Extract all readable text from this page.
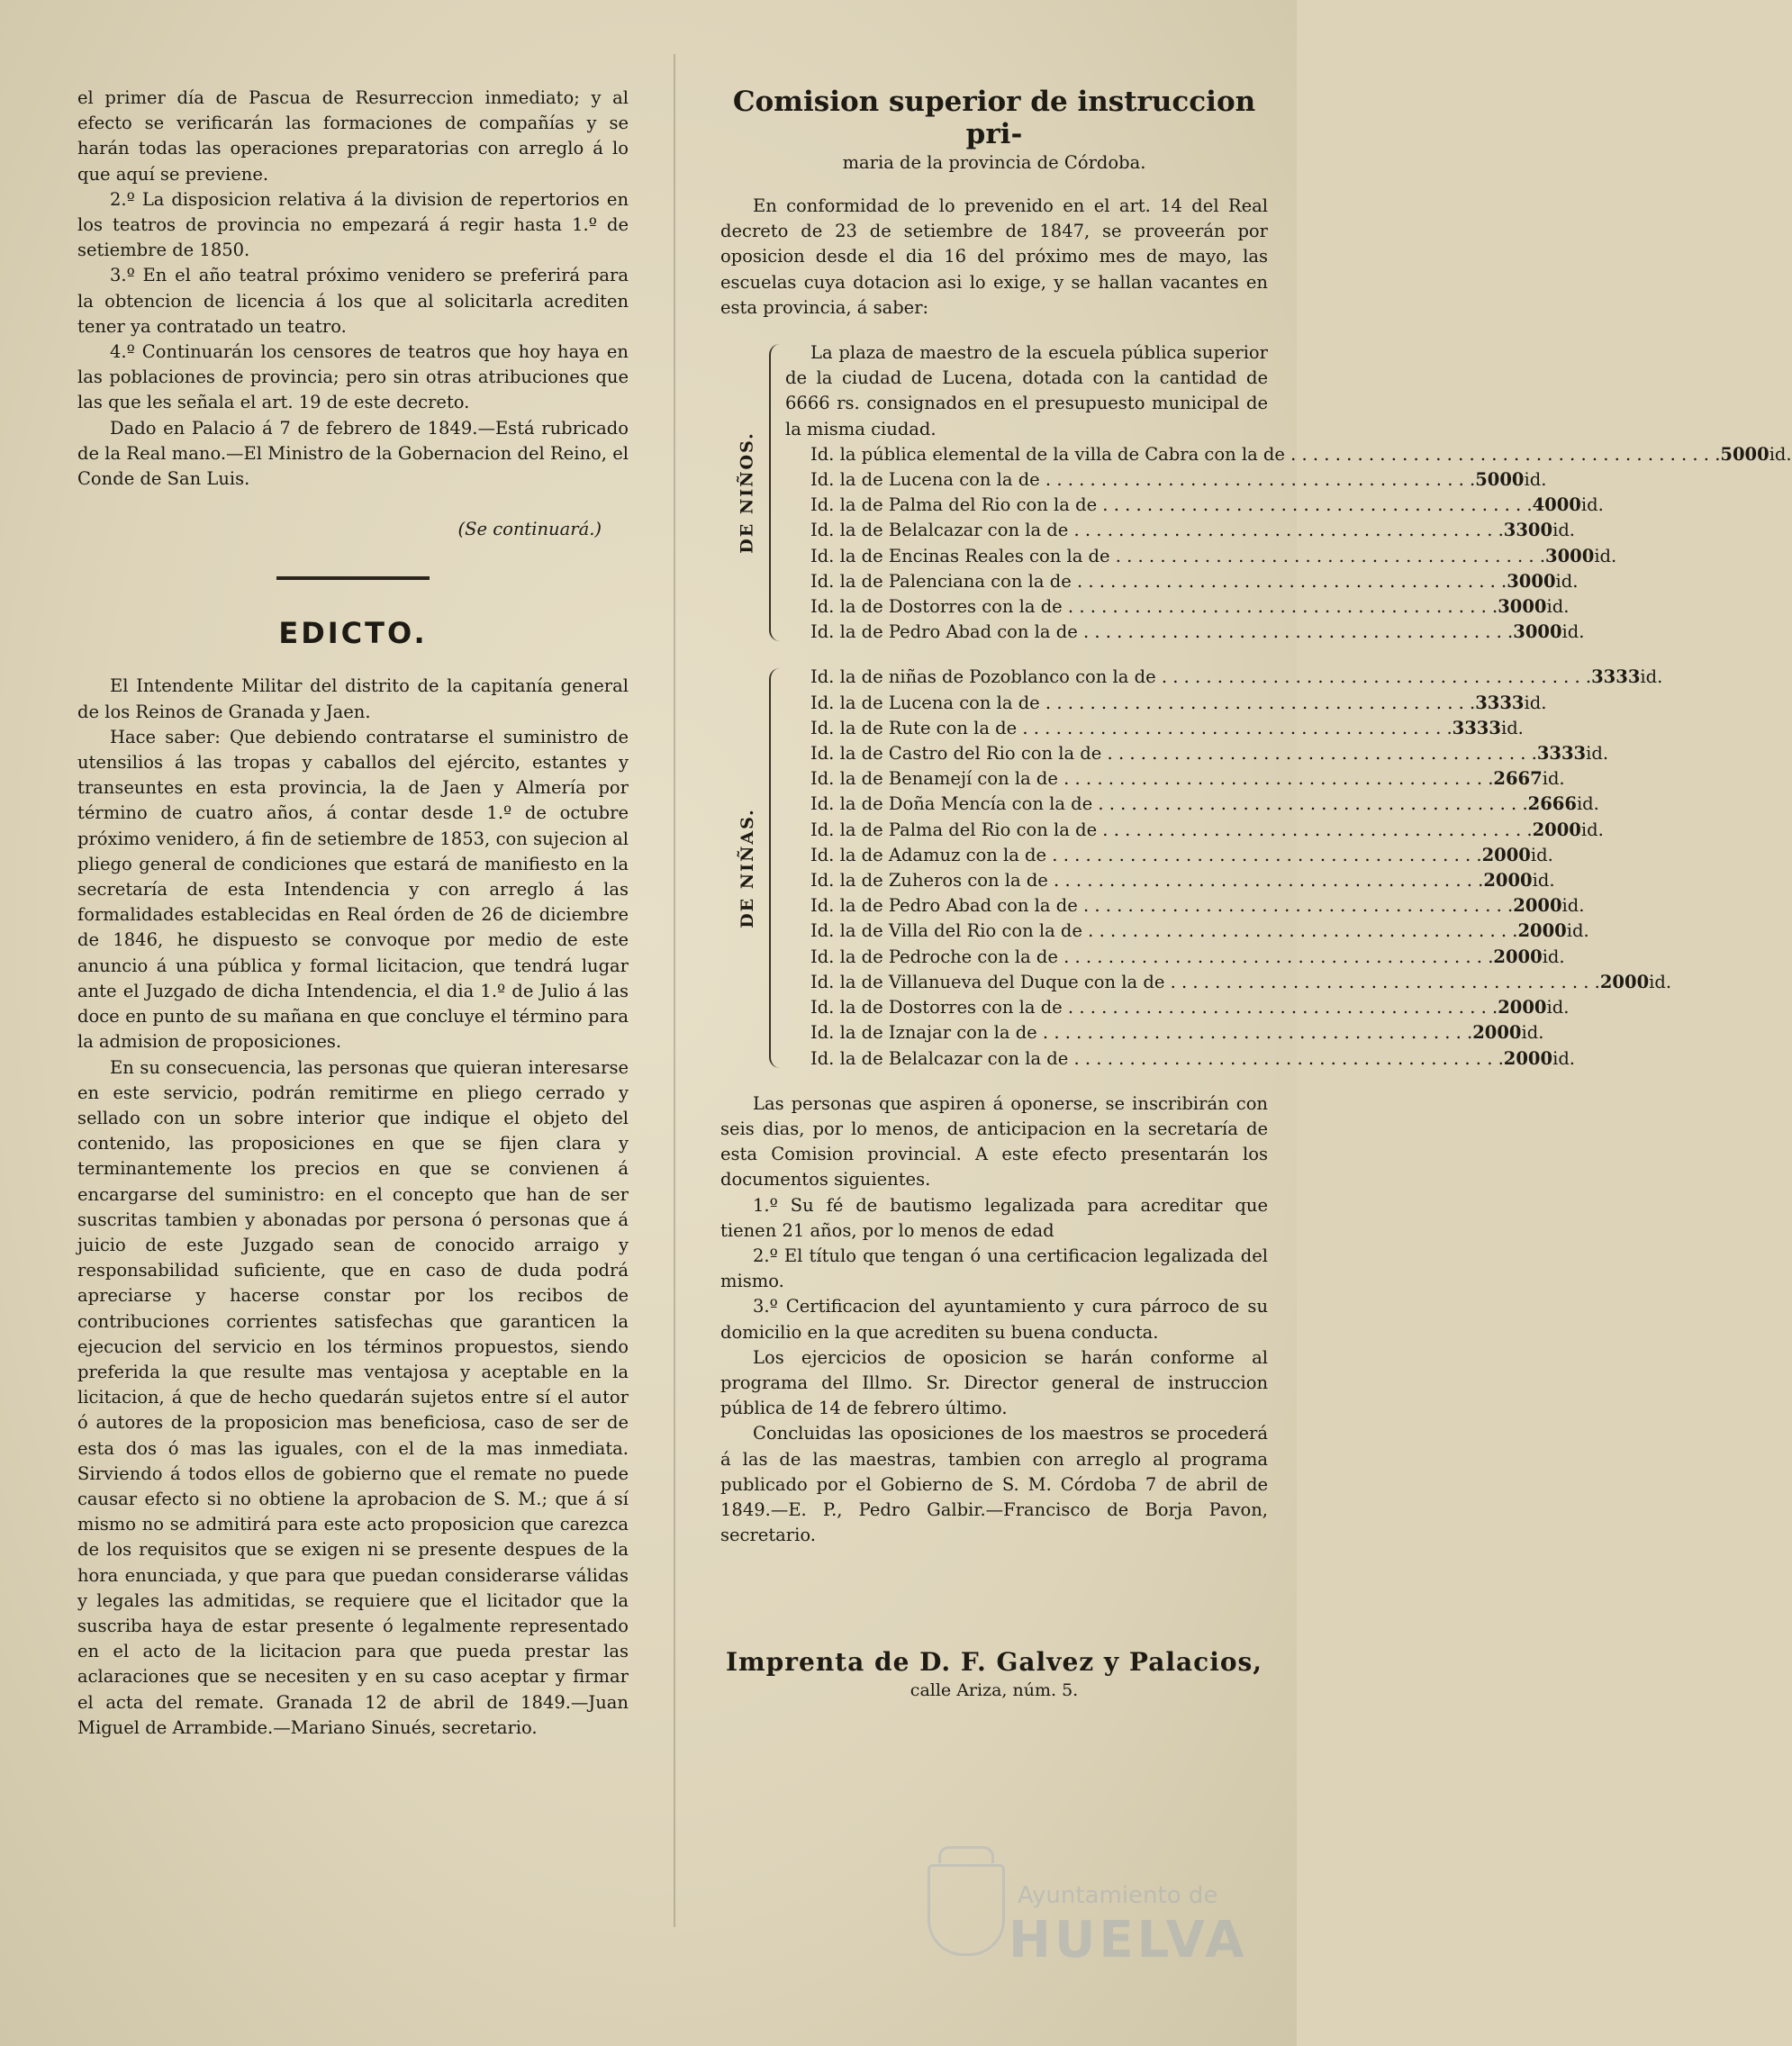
el primer día de Pascua de Resurreccion inmediato; y al efecto se verificarán las formaciones de compañías y se harán todas las operaciones preparatorias con arreglo á lo que aquí se previene.

2.º La disposicion relativa á la division de repertorios en los teatros de provincia no empezará á regir hasta 1.º de setiembre de 1850.

3.º En el año teatral próximo venidero se preferirá para la obtencion de licencia á los que al solicitarla acrediten tener ya contratado un teatro.

4.º Continuarán los censores de teatros que hoy haya en las poblaciones de provincia; pero sin otras atribuciones que las que les señala el art. 19 de este decreto.

Dado en Palacio á 7 de febrero de 1849.—Está rubricado de la Real mano.—El Ministro de la Gobernacion del Reino, el Conde de San Luis.

(Se continuará.)

EDICTO.

El Intendente Militar del distrito de la capitanía general de los Reinos de Granada y Jaen.

Hace saber: Que debiendo contratarse el suministro de utensilios á las tropas y caballos del ejército, estantes y transeuntes en esta provincia, la de Jaen y Almería por término de cuatro años, á contar desde 1.º de octubre próximo venidero, á fin de setiembre de 1853, con sujecion al pliego general de condiciones que estará de manifiesto en la secretaría de esta Intendencia y con arreglo á las formalidades establecidas en Real órden de 26 de diciembre de 1846, he dispuesto se convoque por medio de este anuncio á una pública y formal licitacion, que tendrá lugar ante el Juzgado de dicha Intendencia, el dia 1.º de Julio á las doce en punto de su mañana en que concluye el término para la admision de proposiciones.

En su consecuencia, las personas que quieran interesarse en este servicio, podrán remitirme en pliego cerrado y sellado con un sobre interior que indique el objeto del contenido, las proposiciones en que se fijen clara y terminantemente los precios en que se convienen á encargarse del suministro: en el concepto que han de ser suscritas tambien y abonadas por persona ó personas que á juicio de este Juzgado sean de conocido arraigo y responsabilidad suficiente, que en caso de duda podrá apreciarse y hacerse constar por los recibos de contribuciones corrientes satisfechas que garanticen la ejecucion del servicio en los términos propuestos, siendo preferida la que resulte mas ventajosa y aceptable en la licitacion, á que de hecho quedarán sujetos entre sí el autor ó autores de la proposicion mas beneficiosa, caso de ser de esta dos ó mas las iguales, con el de la mas inmediata. Sirviendo á todos ellos de gobierno que el remate no puede causar efecto si no obtiene la aprobacion de S. M.; que á sí mismo no se admitirá para este acto proposicion que carezca de los requisitos que se exigen ni se presente despues de la hora enunciada, y que para que puedan considerarse válidas y legales las admitidas, se requiere que el licitador que la suscriba haya de estar presente ó legalmente representado en el acto de la licitacion para que pueda prestar las aclaraciones que se necesiten y en su caso aceptar y firmar el acta del remate. Granada 12 de abril de 1849.—Juan Miguel de Arrambide.—Mariano Sinués, secretario.

Comision superior de instruccion pri-
maria de la provincia de Córdoba.

En conformidad de lo prevenido en el art. 14 del Real decreto de 23 de setiembre de 1847, se proveerán por oposicion desde el dia 16 del próximo mes de mayo, las escuelas cuya dotacion asi lo exige, y se hallan vacantes en esta provincia, á saber:

DE NIÑOS.
La plaza de maestro de la escuela pública superior de la ciudad de Lucena, dotada con la cantidad de 6666 rs. consignados en el presupuesto municipal de la misma ciudad.
Id. la pública elemental de la villa de Cabra con la de . . .	5000 id.
Id. la de Lucena con la de . . .	5000 id.
Id. la de Palma del Rio con la de . . .	4000 id.
Id. la de Belalcazar con la de . . .	3300 id.
Id. la de Encinas Reales con la de . . .	3000 id.
Id. la de Palenciana con la de . . .	3000 id.
Id. la de Dostorres con la de . . .	3000 id.
Id. la de Pedro Abad con la de . . .	3000 id.
DE NIÑAS.
Id. la de niñas de Pozoblanco con la de . . .	3333 id.
Id. la de Lucena con la de . . .	3333 id.
Id. la de Rute con la de . . .	3333 id.
Id. la de Castro del Rio con la de . . .	3333 id.
Id. la de Benamejí con la de . . .	2667 id.
Id. la de Doña Mencía con la de . . .	2666 id.
Id. la de Palma del Rio con la de . . .	2000 id.
Id. la de Adamuz con la de . . .	2000 id.
Id. la de Zuheros con la de . . .	2000 id.
Id. la de Pedro Abad con la de . . .	2000 id.
Id. la de Villa del Rio con la de . . .	2000 id.
Id. la de Pedroche con la de . . .	2000 id.
Id. la de Villanueva del Duque con la de . . .	2000 id.
Id. la de Dostorres con la de . . .	2000 id.
Id. la de Iznajar con la de . . .	2000 id.
Id. la de Belalcazar con la de . . .	2000 id.

Las personas que aspiren á oponerse, se inscribirán con seis dias, por lo menos, de anticipacion en la secretaría de esta Comision provincial. A este efecto presentarán los documentos siguientes.

1.º Su fé de bautismo legalizada para acreditar que tienen 21 años, por lo menos de edad

2.º El título que tengan ó una certificacion legalizada del mismo.

3.º Certificacion del ayuntamiento y cura párroco de su domicilio en la que acrediten su buena conducta.

Los ejercicios de oposicion se harán conforme al programa del Illmo. Sr. Director general de instruccion pública de 14 de febrero último.

Concluidas las oposiciones de los maestros se procederá á las de las maestras, tambien con arreglo al programa publicado por el Gobierno de S. M. Córdoba 7 de abril de 1849.—E. P., Pedro Galbir.—Francisco de Borja Pavon, secretario.

Imprenta de D. F. Galvez y Palacios,
calle Ariza, núm. 5.
Ayuntamiento de
HUELVA
